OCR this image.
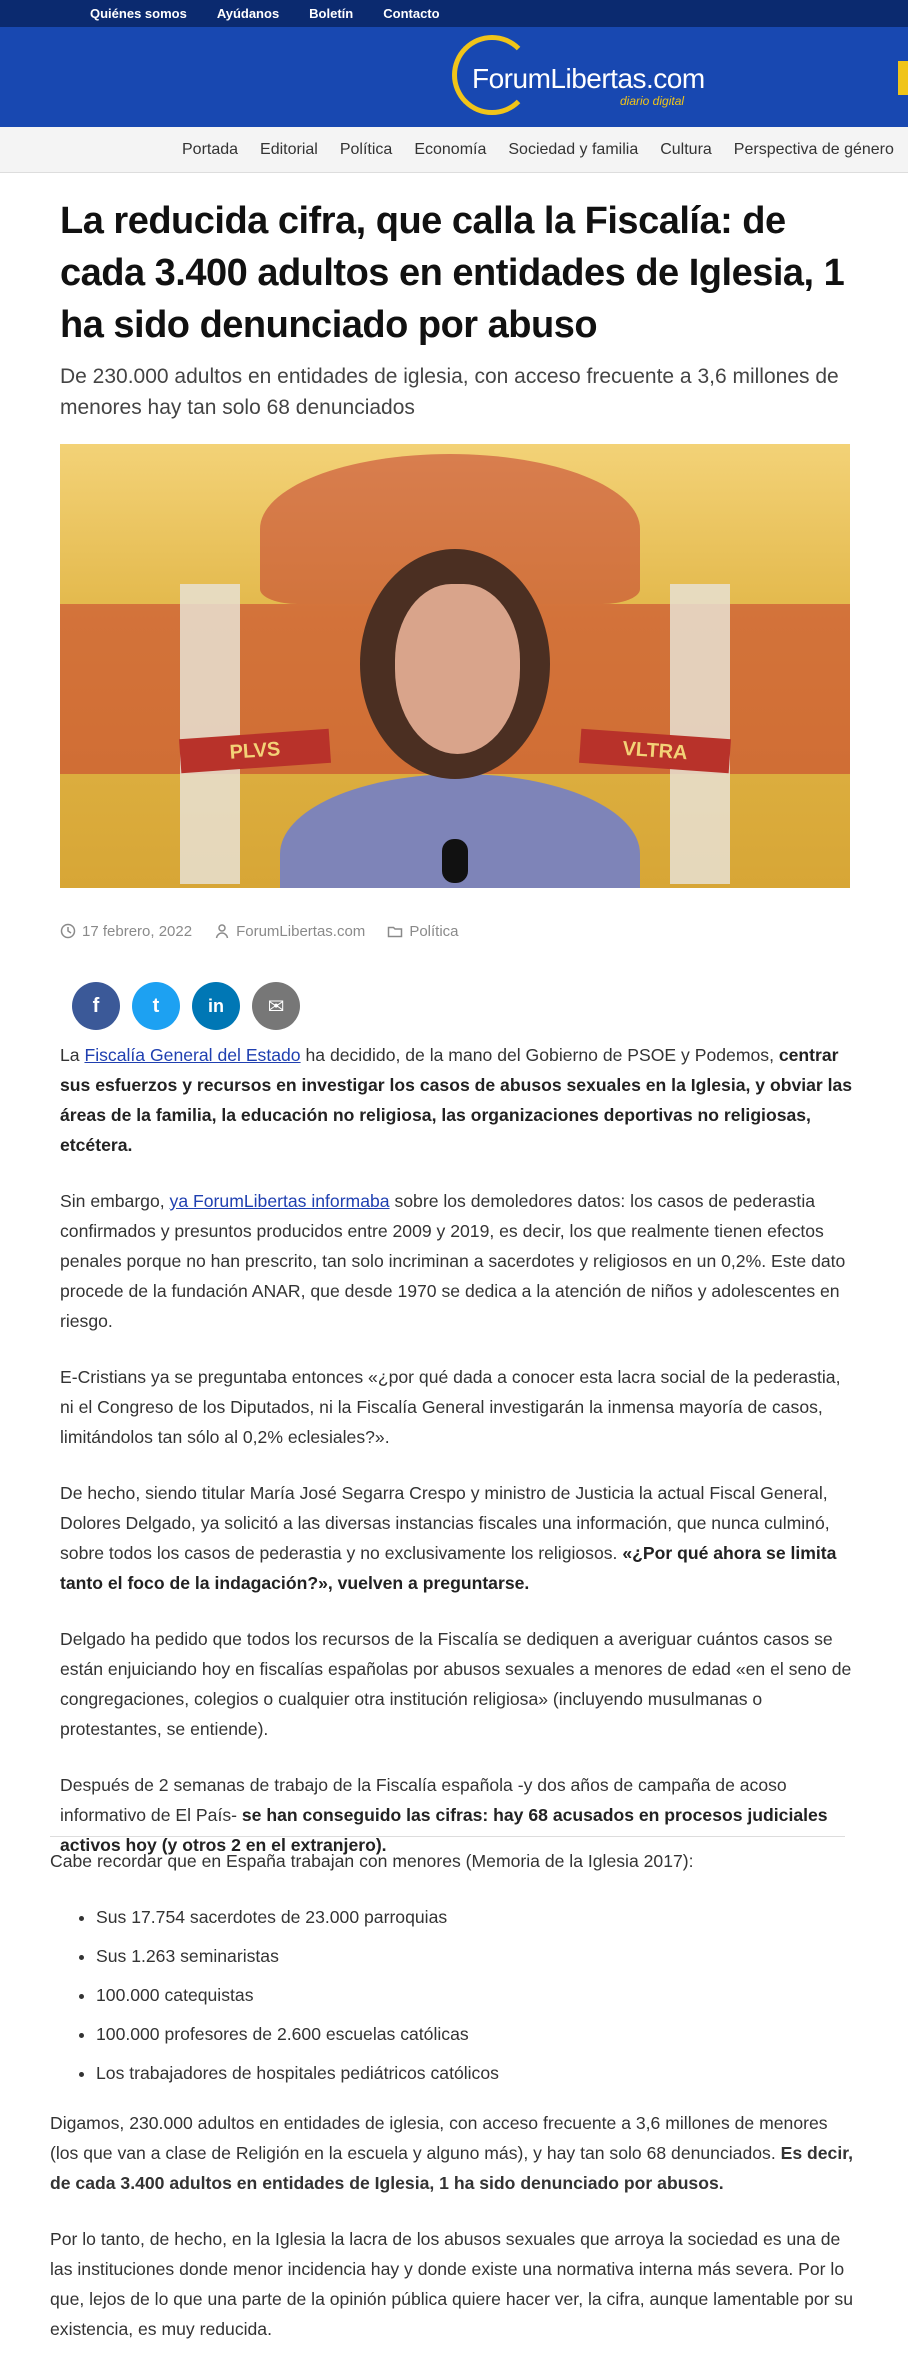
Quiénes somos Ayúdanos Boletín Contacto
ForumLibertas.com
diario digital
Portada Editorial Política Economía Sociedad y familia Cultura Perspectiva de género
La reducida cifra, que calla la Fiscalía: de cada 3.400 adultos en entidades de Iglesia, 1 ha sido denunciado por abuso
De 230.000 adultos en entidades de iglesia, con acceso frecuente a 3,6 millones de menores hay tan solo 68 denunciados
PLVS	VLTRA
17 febrero, 2022	ForumLibertas.com	Política
f	t	in ✉

La Fiscalía General del Estado ha decidido, de la mano del Gobierno de PSOE y Podemos, centrar sus esfuerzos y recursos en investigar los casos de abusos sexuales en la Iglesia, y obviar las áreas de la familia, la educación no religiosa, las organizaciones deportivas no religiosas, etcétera.

Sin embargo, ya ForumLibertas informaba sobre los demoledores datos: los casos de pederastia confirmados y presuntos producidos entre 2009 y 2019, es decir, los que realmente tienen efectos penales porque no han prescrito, tan solo incriminan a sacerdotes y religiosos en un 0,2%. Este dato procede de la fundación ANAR, que desde 1970 se dedica a la atención de niños y adolescentes en riesgo.

E-Cristians ya se preguntaba entonces «¿por qué dada a conocer esta lacra social de la pederastia, ni el Congreso de los Diputados, ni la Fiscalía General investigarán la inmensa mayoría de casos, limitándolos tan sólo al 0,2% eclesiales?».

De hecho, siendo titular María José Segarra Crespo y ministro de Justicia la actual Fiscal General, Dolores Delgado, ya solicitó a las diversas instancias fiscales una información, que nunca culminó, sobre todos los casos de pederastia y no exclusivamente los religiosos. «¿Por qué ahora se limita tanto el foco de la indagación?», vuelven a preguntarse.

Delgado ha pedido que todos los recursos de la Fiscalía se dediquen a averiguar cuántos casos se están enjuiciando hoy en fiscalías españolas por abusos sexuales a menores de edad «en el seno de congregaciones, colegios o cualquier otra institución religiosa» (incluyendo musulmanas o protestantes, se entiende).

Después de 2 semanas de trabajo de la Fiscalía española -y dos años de campaña de acoso informativo de El País- se han conseguido las cifras: hay 68 acusados en procesos judiciales activos hoy (y otros 2 en el extranjero).

Cabe recordar que en España trabajan con menores (Memoria de la Iglesia 2017):

• Sus 17.754 sacerdotes de 23.000 parroquias
• Sus 1.263 seminaristas
• 100.000 catequistas
• 100.000 profesores de 2.600 escuelas católicas
• Los trabajadores de hospitales pediátricos católicos

Digamos, 230.000 adultos en entidades de iglesia, con acceso frecuente a 3,6 millones de menores (los que van a clase de Religión en la escuela y alguno más), y hay tan solo 68 denunciados. Es decir, de cada 3.400 adultos en entidades de Iglesia, 1 ha sido denunciado por abusos.

Por lo tanto, de hecho, en la Iglesia la lacra de los abusos sexuales que arroya la sociedad es una de las instituciones donde menor incidencia hay y donde existe una normativa interna más severa. Por lo que, lejos de lo que una parte de la opinión pública quiere hacer ver, la cifra, aunque lamentable por su existencia, es muy reducida.
